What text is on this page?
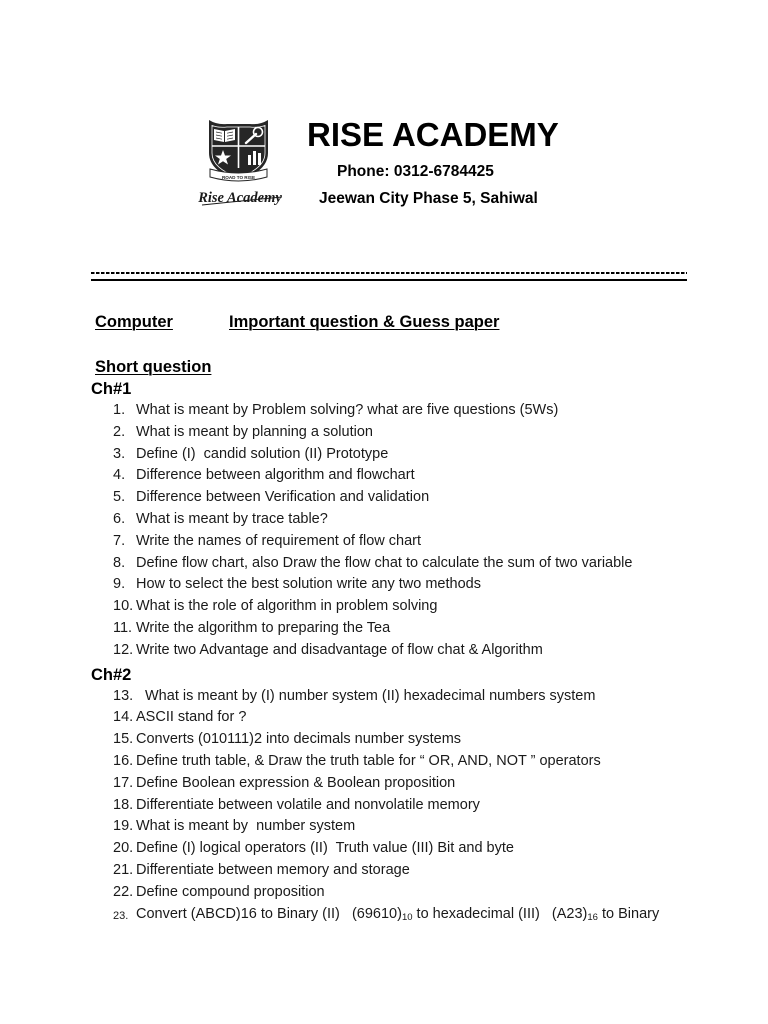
ROAD TO RISE
Rise Academy
RISE ACADEMY
Phone: 0312-6784425
Jeewan City Phase 5, Sahiwal
Computer	Important question & Guess paper
Short question
Ch#1
1. What is meant by Problem solving? what are five questions (5Ws)
2. What is meant by planning a solution
3. Define (I)  candid solution (II) Prototype
4. Difference between algorithm and flowchart
5. Difference between Verification and validation
6. What is meant by trace table?
7. Write the names of requirement of flow chart
8. Define flow chart, also Draw the flow chat to calculate the sum of two variable
9. How to select the best solution write any two methods
10. What is the role of algorithm in problem solving
11. Write the algorithm to preparing the Tea
12. Write two Advantage and disadvantage of flow chat & Algorithm
Ch#2
13. What is meant by (I) number system (II) hexadecimal numbers system
14. ASCII stand for ?
15. Converts (010111)2 into decimals number systems
16. Define truth table, & Draw the truth table for “ OR, AND, NOT ” operators
17. Define Boolean expression & Boolean proposition
18. Differentiate between volatile and nonvolatile memory
19. What is meant by  number system
20. Define (I) logical operators (II)  Truth value (III) Bit and byte
21. Differentiate between memory and storage
22. Define compound proposition
23. Convert (ABCD)16 to Binary (II)   $(69610)_{10}$ to hexadecimal (III)   $(A23)_{16}$ to Binary
